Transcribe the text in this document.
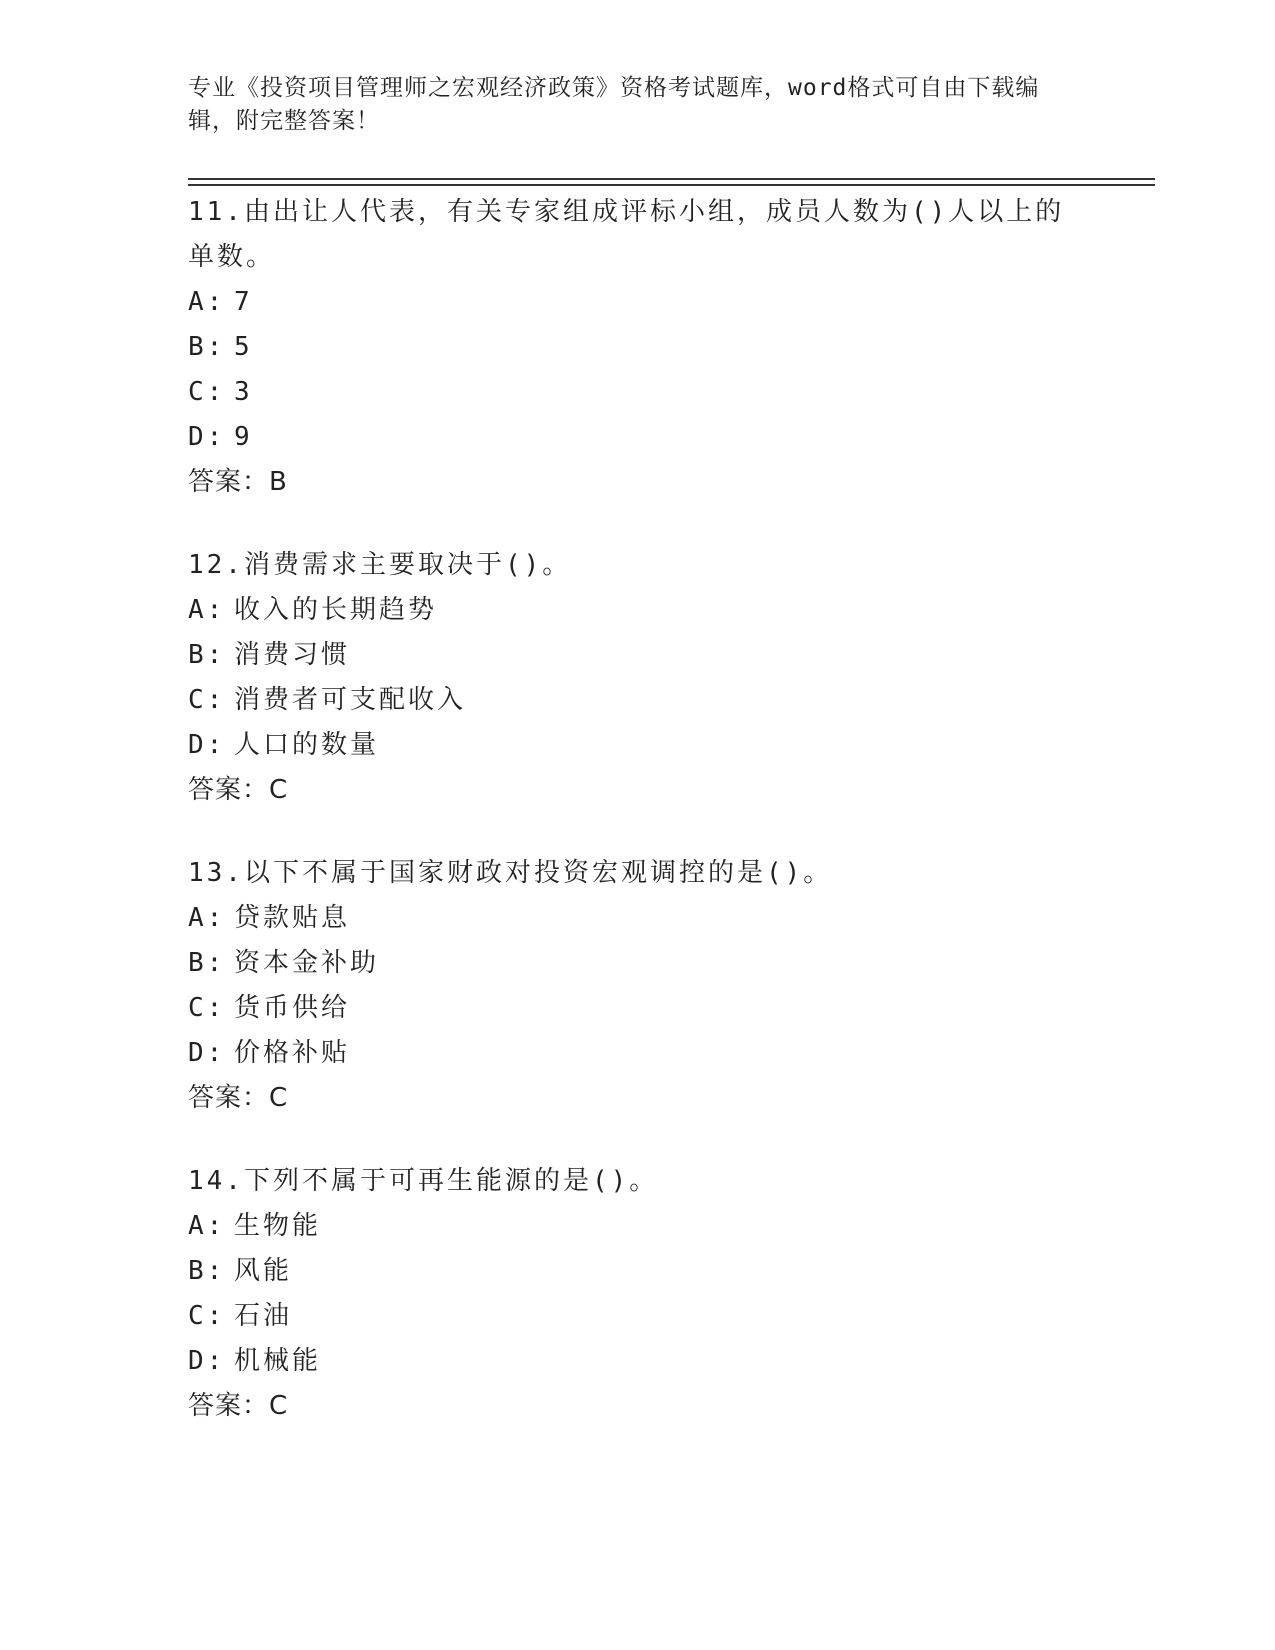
专业《投资项目管理师之宏观经济政策》资格考试题库，word格式可自由下载编辑，附完整答案！
11.由出让人代表，有关专家组成评标小组，成员人数为()人以上的单数。
A: 7
B: 5
C: 3
D: 9
答案：B
12.消费需求主要取决于()。
A: 收入的长期趋势
B: 消费习惯
C: 消费者可支配收入
D: 人口的数量
答案：C
13.以下不属于国家财政对投资宏观调控的是()。
A: 贷款贴息
B: 资本金补助
C: 货币供给
D: 价格补贴
答案：C
14.下列不属于可再生能源的是()。
A: 生物能
B: 风能
C: 石油
D: 机械能
答案：C
